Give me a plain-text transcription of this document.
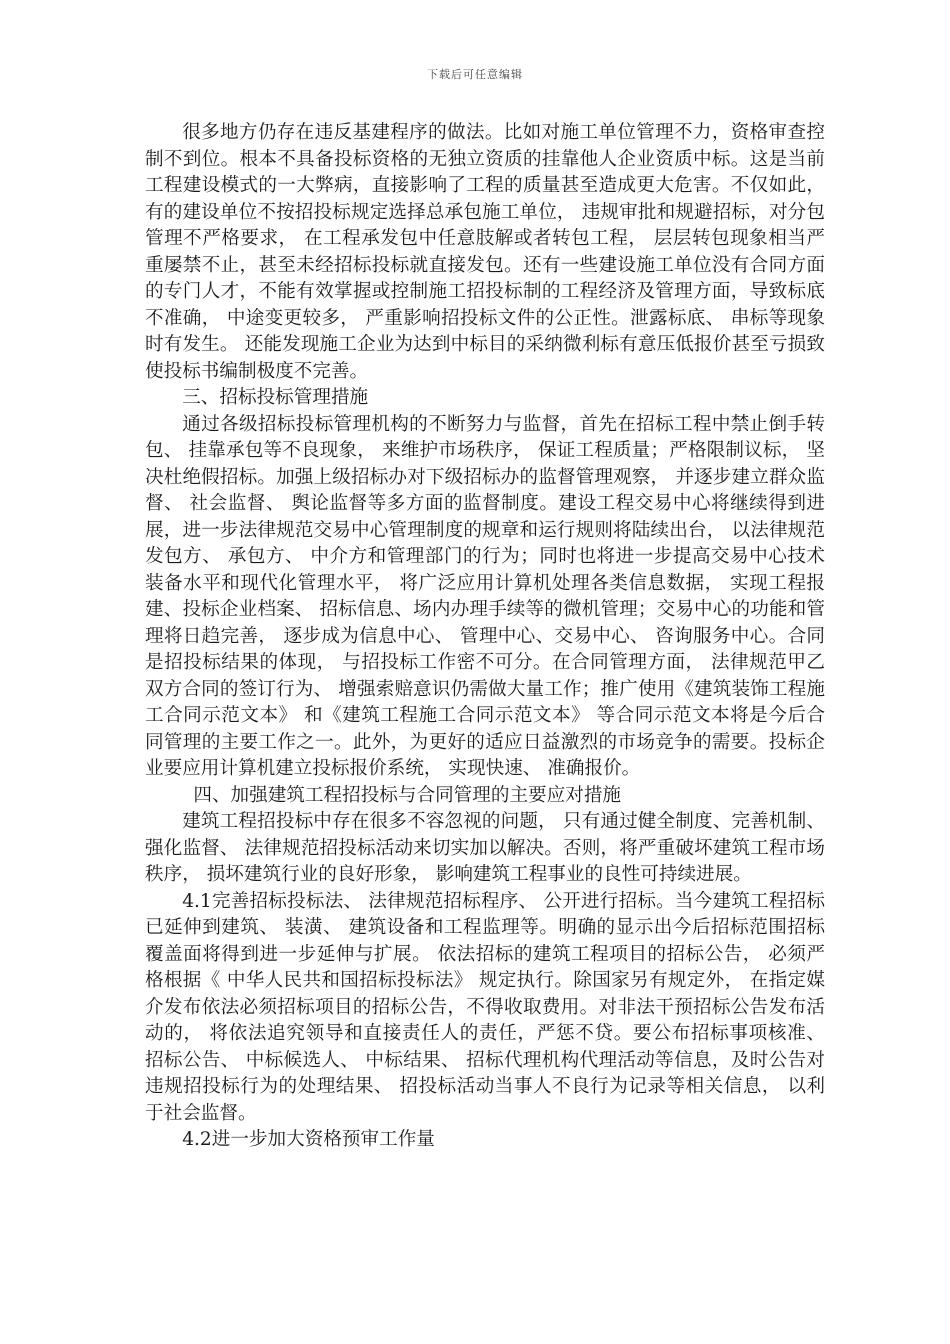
下载后可任意编辑

很多地方仍存在违反基建程序的做法。比如对施工单位管理不力，资格审查控制不到位。根本不具备投标资格的无独立资质的挂靠他人企业资质中标。这是当前工程建设模式的一大弊病，直接影响了工程的质量甚至造成更大危害。不仅如此， 有的建设单位不按招投标规定选择总承包施工单位， 违规审批和规避招标，对分包管理不严格要求， 在工程承发包中任意肢解或者转包工程， 层层转包现象相当严重屡禁不止，甚至未经招标投标就直接发包。还有一些建设施工单位没有合同方面的专门人才，不能有效掌握或控制施工招投标制的工程经济及管理方面，导致标底不准确， 中途变更较多， 严重影响招投标文件的公正性。泄露标底、 串标等现象时有发生。 还能发现施工企业为达到中标目的采纳微利标有意压低报价甚至亏损致使投标书编制极度不完善。

三、招标投标管理措施

通过各级招标投标管理机构的不断努力与监督，首先在招标工程中禁止倒手转包、 挂靠承包等不良现象， 来维护市场秩序， 保证工程质量；严格限制议标， 坚决杜绝假招标。加强上级招标办对下级招标办的监督管理观察， 并逐步建立群众监督、 社会监督、 舆论监督等多方面的监督制度。建设工程交易中心将继续得到进展，进一步法律规范交易中心管理制度的规章和运行规则将陆续出台， 以法律规范发包方、 承包方、 中介方和管理部门的行为；同时也将进一步提高交易中心技术装备水平和现代化管理水平， 将广泛应用计算机处理各类信息数据， 实现工程报建、投标企业档案、 招标信息、场内办理手续等的微机管理；交易中心的功能和管理将日趋完善， 逐步成为信息中心、 管理中心、交易中心、 咨询服务中心。合同是招投标结果的体现， 与招投标工作密不可分。在合同管理方面， 法律规范甲乙双方合同的签订行为、 增强索赔意识仍需做大量工作；推广使用《建筑装饰工程施工合同示范文本》 和《建筑工程施工合同示范文本》 等合同示范文本将是今后合同管理的主要工作之一。此外，为更好的适应日益激烈的市场竞争的需要。投标企业要应用计算机建立投标报价系统， 实现快速、 准确报价。

四、加强建筑工程招投标与合同管理的主要应对措施

建筑工程招投标中存在很多不容忽视的问题， 只有通过健全制度、完善机制、 强化监督、 法律规范招投标活动来切实加以解决。否则，将严重破坏建筑工程市场秩序， 损坏建筑行业的良好形象， 影响建筑工程事业的良性可持续进展。

4.1完善招标投标法、 法律规范招标程序、 公开进行招标。当今建筑工程招标已延伸到建筑、 装潢、 建筑设备和工程监理等。明确的显示出今后招标范围招标覆盖面将得到进一步延伸与扩展。 依法招标的建筑工程项目的招标公告， 必须严格根据《 中华人民共和国招标投标法》 规定执行。除国家另有规定外， 在指定媒介发布依法必须招标项目的招标公告，不得收取费用。对非法干预招标公告发布活动的， 将依法追究领导和直接责任人的责任，严惩不贷。要公布招标事项核准、 招标公告、 中标候选人、 中标结果、 招标代理机构代理活动等信息，及时公告对违规招投标行为的处理结果、 招投标活动当事人不良行为记录等相关信息， 以利于社会监督。

4.2进一步加大资格预审工作量
